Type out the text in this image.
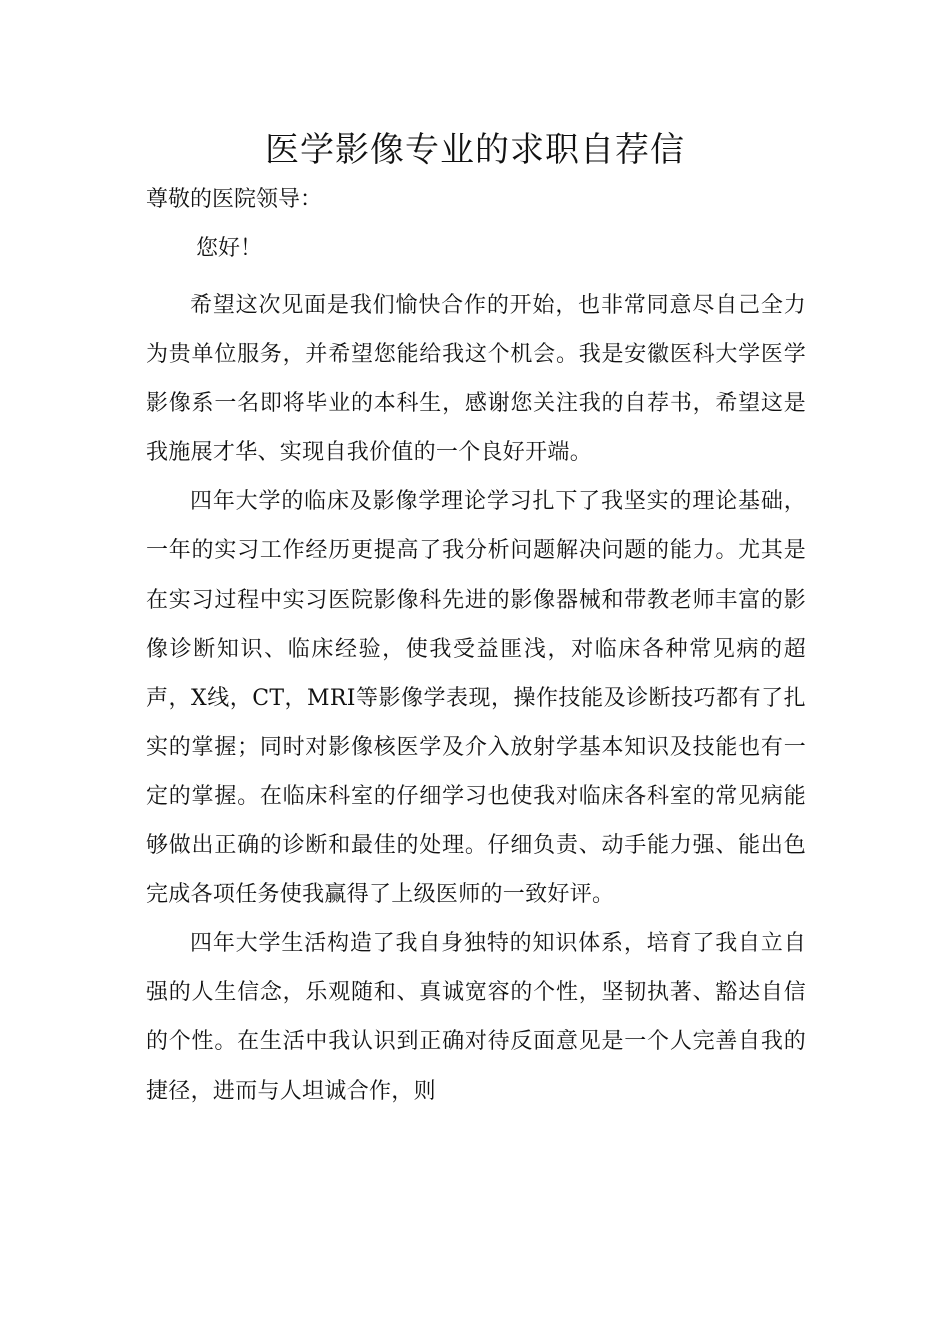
医学影像专业的求职自荐信

尊敬的医院领导：

您好！

希望这次见面是我们愉快合作的开始，也非常同意尽自己全力为贵单位服务，并希望您能给我这个机会。我是安徽医科大学医学影像系一名即将毕业的本科生，感谢您关注我的自荐书，希望这是我施展才华、实现自我价值的一个良好开端。

四年大学的临床及影像学理论学习扎下了我坚实的理论基础，一年的实习工作经历更提高了我分析问题解决问题的能力。尤其是在实习过程中实习医院影像科先进的影像器械和带教老师丰富的影像诊断知识、临床经验，使我受益匪浅，对临床各种常见病的超声，X线，CT，MRI等影像学表现，操作技能及诊断技巧都有了扎实的掌握；同时对影像核医学及介入放射学基本知识及技能也有一定的掌握。在临床科室的仔细学习也使我对临床各科室的常见病能够做出正确的诊断和最佳的处理。仔细负责、动手能力强、能出色完成各项任务使我赢得了上级医师的一致好评。

四年大学生活构造了我自身独特的知识体系，培育了我自立自强的人生信念，乐观随和、真诚宽容的个性，坚韧执著、豁达自信的个性。在生活中我认识到正确对待反面意见是一个人完善自我的捷径，进而与人坦诚合作，则
